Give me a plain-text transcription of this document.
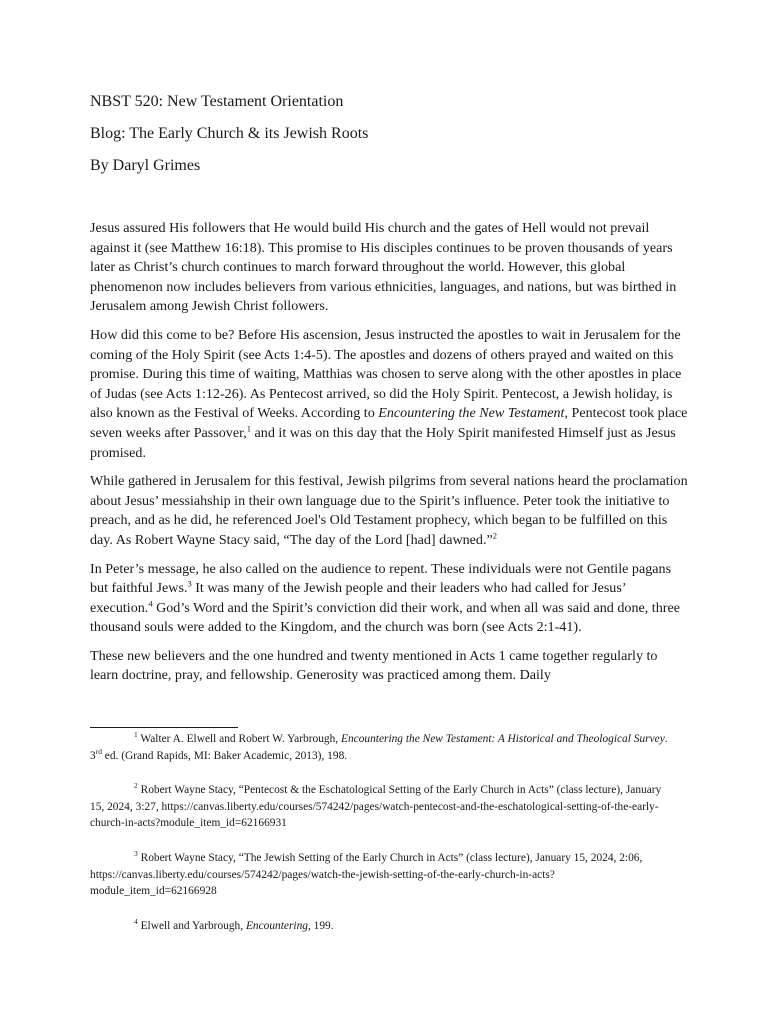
NBST 520: New Testament Orientation

Blog: The Early Church & its Jewish Roots

By Daryl Grimes

Jesus assured His followers that He would build His church and the gates of Hell would not prevail against it (see Matthew 16:18). This promise to His disciples continues to be proven thousands of years later as Christ’s church continues to march forward throughout the world. However, this global phenomenon now includes believers from various ethnicities, languages, and nations, but was birthed in Jerusalem among Jewish Christ followers.

How did this come to be? Before His ascension, Jesus instructed the apostles to wait in Jerusalem for the coming of the Holy Spirit (see Acts 1:4-5). The apostles and dozens of others prayed and waited on this promise. During this time of waiting, Matthias was chosen to serve along with the other apostles in place of Judas (see Acts 1:12-26). As Pentecost arrived, so did the Holy Spirit. Pentecost, a Jewish holiday, is also known as the Festival of Weeks. According to Encountering the New Testament, Pentecost took place seven weeks after Passover,$^1$ and it was on this day that the Holy Spirit manifested Himself just as Jesus promised.

While gathered in Jerusalem for this festival, Jewish pilgrims from several nations heard the proclamation about Jesus’ messiahship in their own language due to the Spirit’s influence. Peter took the initiative to preach, and as he did, he referenced Joel's Old Testament prophecy, which began to be fulfilled on this day. As Robert Wayne Stacy said, “The day of the Lord [had] dawned.”$^2$

In Peter’s message, he also called on the audience to repent. These individuals were not Gentile pagans but faithful Jews.$^3$ It was many of the Jewish people and their leaders who had called for Jesus’ execution.$^4$ God’s Word and the Spirit’s conviction did their work, and when all was said and done, three thousand souls were added to the Kingdom, and the church was born (see Acts 2:1-41).

These new believers and the one hundred and twenty mentioned in Acts 1 came together regularly to learn doctrine, pray, and fellowship. Generosity was practiced among them. Daily

$^1$ Walter A. Elwell and Robert W. Yarbrough, Encountering the New Testament: A Historical and Theological Survey. 3rd ed. (Grand Rapids, MI: Baker Academic, 2013), 198.

$^2$ Robert Wayne Stacy, “Pentecost & the Eschatological Setting of the Early Church in Acts” (class lecture), January 15, 2024, 3:27, https://canvas.liberty.edu/courses/574242/pages/watch-pentecost-and-the-eschatological-setting-of-the-early-church-in-acts?module_item_id=62166931

$^3$ Robert Wayne Stacy, “The Jewish Setting of the Early Church in Acts” (class lecture), January 15, 2024, 2:06, https://canvas.liberty.edu/courses/574242/pages/watch-the-jewish-setting-of-the-early-church-in-acts?module_item_id=62166928

$^4$ Elwell and Yarbrough, Encountering, 199.
